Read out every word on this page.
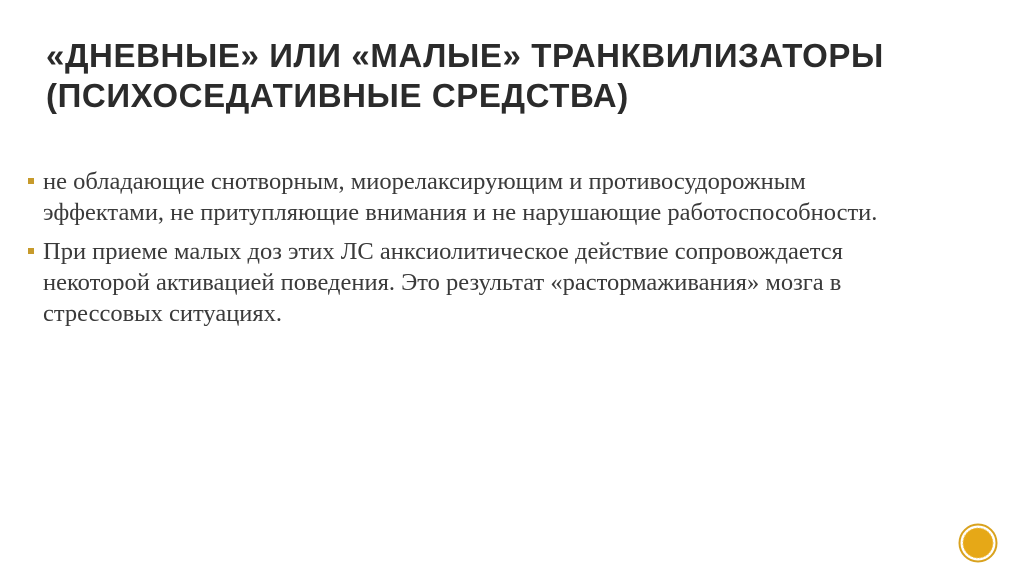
«ДНЕВНЫЕ» ИЛИ «МАЛЫЕ» ТРАНКВИЛИЗАТОРЫ
(ПСИХОСЕДАТИВНЫЕ СРЕДСТВА)
не обладающие снотворным, миорелаксирующим и противосудорожным эффектами, не притупляющие внимания и не нарушающие работоспособности.
При приеме малых доз этих ЛС анксиолитическое действие сопровождается некоторой активацией поведения. Это результат «растормаживания» мозга в стрессовых ситуациях.
